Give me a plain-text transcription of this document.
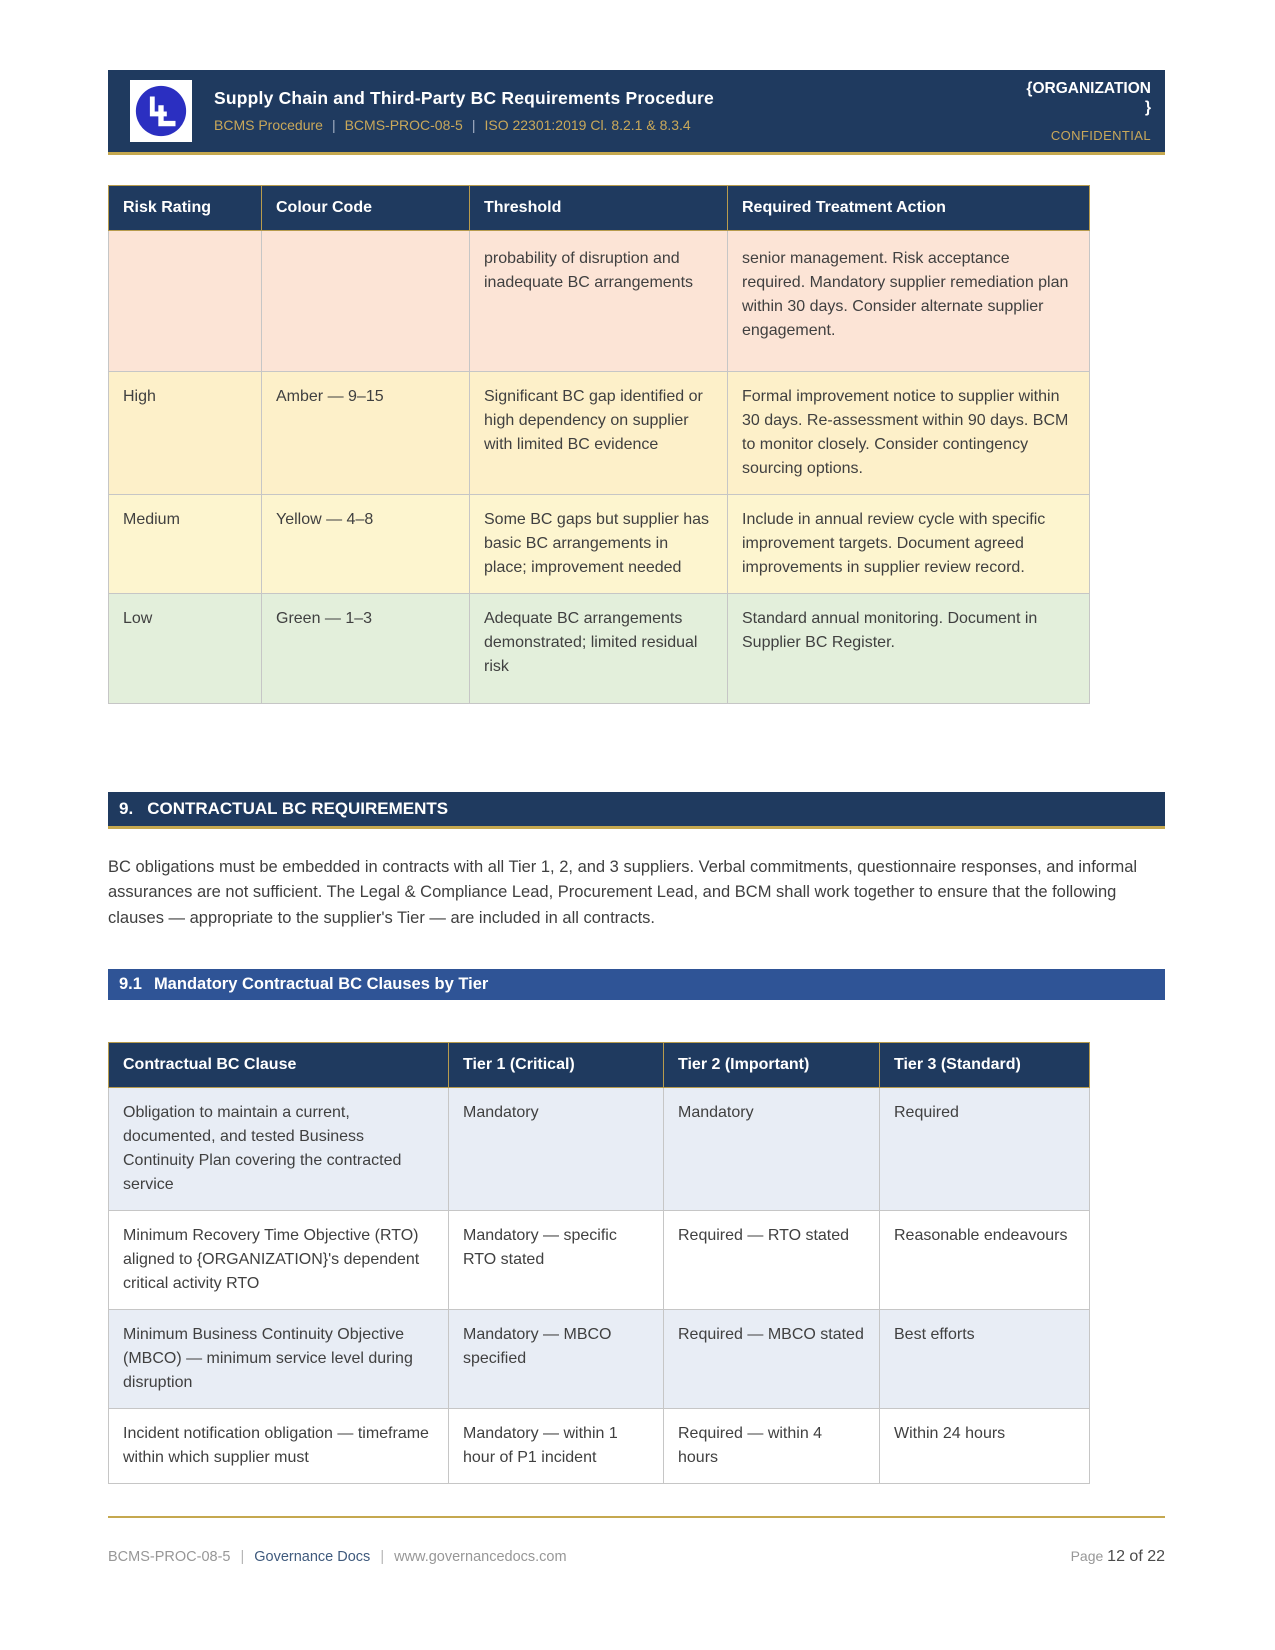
Supply Chain and Third-Party BC Requirements Procedure
BCMS Procedure | BCMS-PROC-08-5 | ISO 22301:2019 Cl. 8.2.1 & 8.3.4
{ORGANIZATION
}
CONFIDENTIAL
Risk Rating	Colour Code	Threshold	Required Treatment Action
		probability of disruption and inadequate BC arrangements	senior management. Risk acceptance required. Mandatory supplier remediation plan within 30 days. Consider alternate supplier engagement.
High	Amber — 9–15	Significant BC gap identified or high dependency on supplier with limited BC evidence	Formal improvement notice to supplier within 30 days. Re-assessment within 90 days. BCM to monitor closely. Consider contingency sourcing options.
Medium	Yellow — 4–8	Some BC gaps but supplier has basic BC arrangements in place; improvement needed	Include in annual review cycle with specific improvement targets. Document agreed improvements in supplier review record.
Low	Green — 1–3	Adequate BC arrangements demonstrated; limited residual risk	Standard annual monitoring. Document in Supplier BC Register.
9. CONTRACTUAL BC REQUIREMENTS

BC obligations must be embedded in contracts with all Tier 1, 2, and 3 suppliers. Verbal commitments, questionnaire responses, and informal assurances are not sufficient. The Legal & Compliance Lead, Procurement Lead, and BCM shall work together to ensure that the following clauses — appropriate to the supplier's Tier — are included in all contracts.

9.1 Mandatory Contractual BC Clauses by Tier
Contractual BC Clause	Tier 1 (Critical)	Tier 2 (Important)	Tier 3 (Standard)
Obligation to maintain a current, documented, and tested Business Continuity Plan covering the contracted service	Mandatory	Mandatory	Required
Minimum Recovery Time Objective (RTO) aligned to {ORGANIZATION}'s dependent critical activity RTO	Mandatory — specific RTO stated	Required — RTO stated	Reasonable endeavours
Minimum Business Continuity Objective (MBCO) — minimum service level during disruption	Mandatory — MBCO specified	Required — MBCO stated	Best efforts
Incident notification obligation — timeframe within which supplier must	Mandatory — within 1 hour of P1 incident	Required — within 4 hours	Within 24 hours
BCMS-PROC-08-5 | Governance Docs | www.governancedocs.com	Page 12 of 22
